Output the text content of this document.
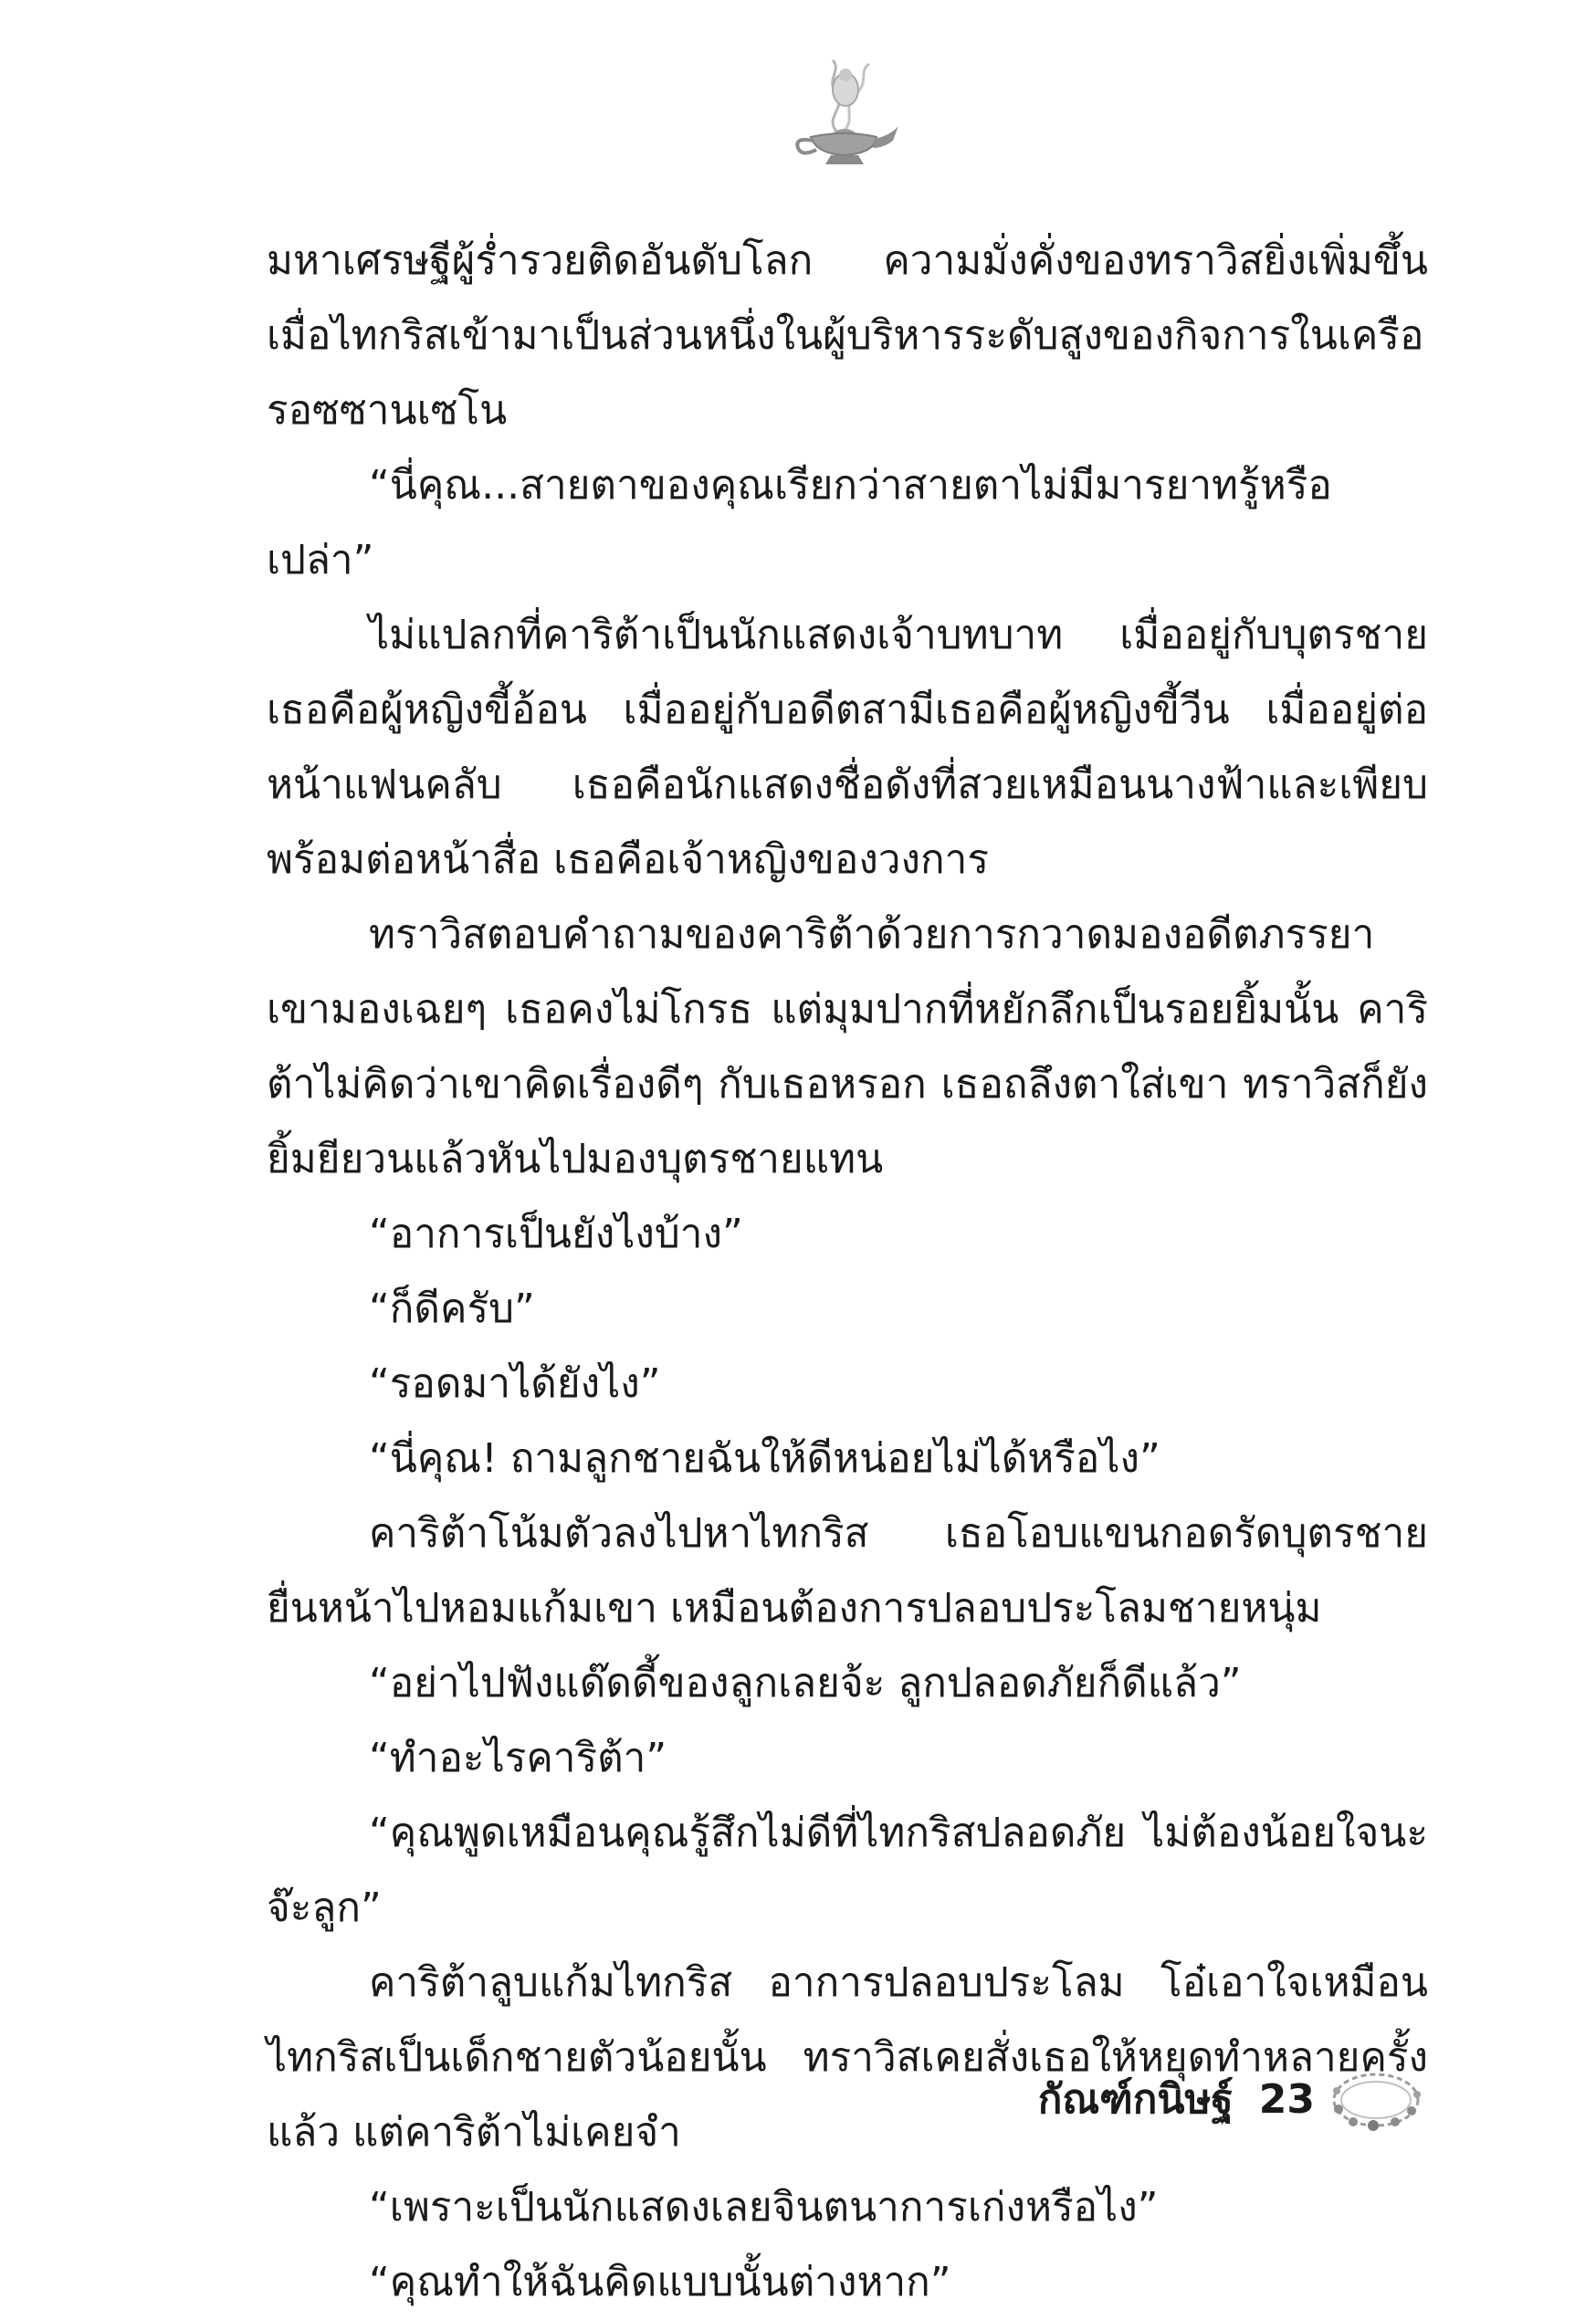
มหาเศรษฐีผู้ร่ำรวยติดอันดับโลก ความมั่งคั่งของทราวิสยิ่งเพิ่มขึ้น เมื่อไทกริสเข้ามาเป็นส่วนหนึ่งในผู้บริหารระดับสูงของกิจการในเครือรอซซานเซโน

“นี่คุณ...สายตาของคุณเรียกว่าสายตาไม่มีมารยาทรู้หรือเปล่า”

ไม่แปลกที่คาริต้าเป็นนักแสดงเจ้าบทบาท เมื่ออยู่กับบุตรชาย เธอคือผู้หญิงขี้อ้อน เมื่ออยู่กับอดีตสามีเธอคือผู้หญิงขี้วีน เมื่ออยู่ต่อหน้าแฟนคลับ เธอคือนักแสดงชื่อดังที่สวยเหมือนนางฟ้าและเพียบพร้อมต่อหน้าสื่อ เธอคือเจ้าหญิงของวงการ

ทราวิสตอบคำถามของคาริต้าด้วยการกวาดมองอดีตภรรยา เขามองเฉยๆ เธอคงไม่โกรธ แต่มุมปากที่หยักลึกเป็นรอยยิ้มนั้น คาริต้าไม่คิดว่าเขาคิดเรื่องดีๆ กับเธอหรอก เธอถลึงตาใส่เขา ทราวิสก็ยังยิ้มยียวนแล้วหันไปมองบุตรชายแทน

“อาการเป็นยังไงบ้าง”

“ก็ดีครับ”

“รอดมาได้ยังไง”

“นี่คุณ! ถามลูกชายฉันให้ดีหน่อยไม่ได้หรือไง”

คาริต้าโน้มตัวลงไปหาไทกริส เธอโอบแขนกอดรัดบุตรชาย ยื่นหน้าไปหอมแก้มเขา เหมือนต้องการปลอบประโลมชายหนุ่ม

“อย่าไปฟังแด๊ดดี้ของลูกเลยจ้ะ ลูกปลอดภัยก็ดีแล้ว”

“ทำอะไรคาริต้า”

“คุณพูดเหมือนคุณรู้สึกไม่ดีที่ไทกริสปลอดภัย ไม่ต้องน้อยใจนะจ๊ะลูก”

คาริต้าลูบแก้มไทกริส อาการปลอบประโลม โอ๋เอาใจเหมือนไทกริสเป็นเด็กชายตัวน้อยนั้น ทราวิสเคยสั่งเธอให้หยุดทำหลายครั้งแล้ว แต่คาริต้าไม่เคยจำ

“เพราะเป็นนักแสดงเลยจินตนาการเก่งหรือไง”

“คุณทำให้ฉันคิดแบบนั้นต่างหาก”

กัณฑ์กนิษฐ์ 23
